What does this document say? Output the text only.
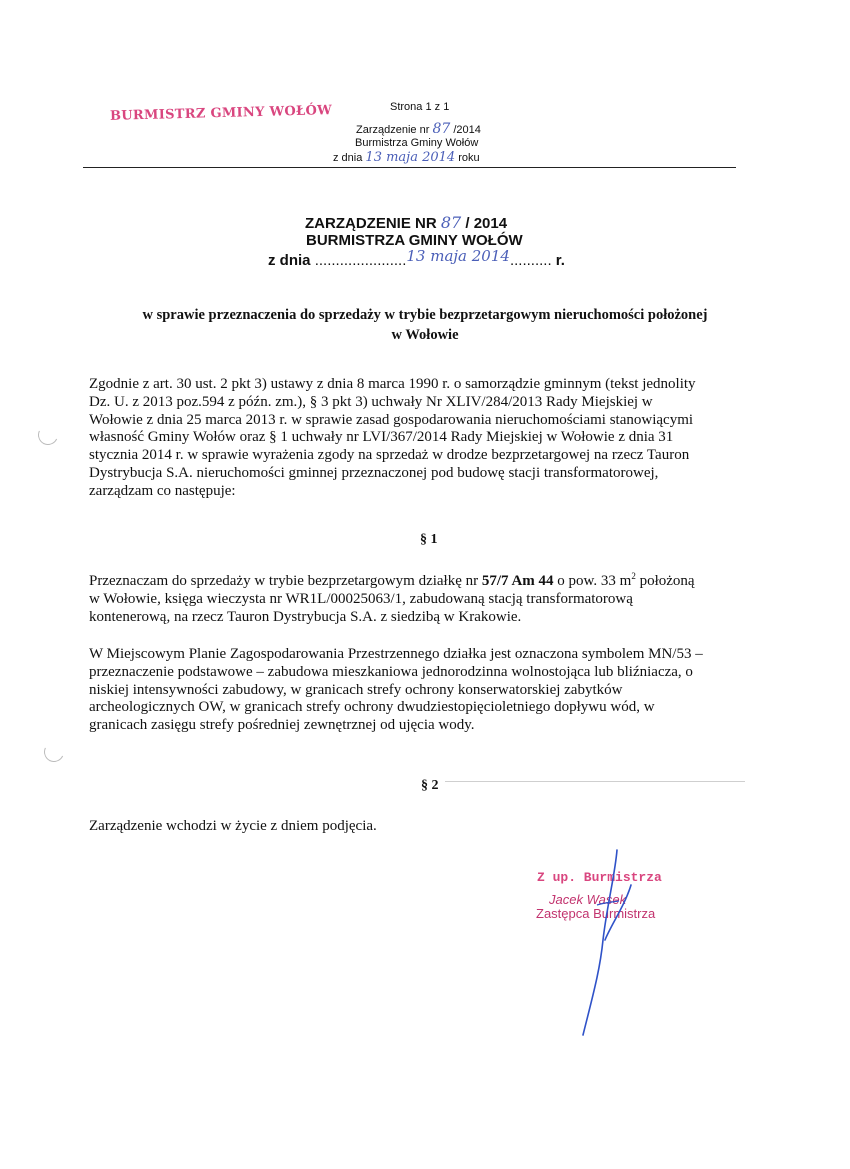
BURMISTRZ GMINY WOŁÓW	Strona 1 z 1
Zarządzenie nr 87 /2014
Burmistrza Gminy Wołów
z dnia 13 maja 2014 roku
ZARZĄDZENIE NR 87 / 2014
BURMISTRZA GMINY WOŁÓW
z dnia ......................13 maja 2014.......... r.
w sprawie przeznaczenia do sprzedaży w trybie bezprzetargowym nieruchomości położonej
w Wołowie
Zgodnie z art. 30 ust. 2 pkt 3) ustawy z dnia 8 marca 1990 r. o samorządzie gminnym (tekst jednolity
Dz. U. z 2013 poz.594 z późn. zm.), § 3 pkt 3) uchwały Nr XLIV/284/2013 Rady Miejskiej w
Wołowie z dnia 25 marca 2013 r. w sprawie zasad gospodarowania nieruchomościami stanowiącymi
własność Gminy Wołów oraz § 1 uchwały nr LVI/367/2014 Rady Miejskiej w Wołowie z dnia 31
stycznia 2014 r. w sprawie wyrażenia zgody na sprzedaż w drodze bezprzetargowej na rzecz Tauron
Dystrybucja S.A. nieruchomości gminnej przeznaczonej pod budowę stacji transformatorowej,
zarządzam co następuje:
§ 1
Przeznaczam do sprzedaży w trybie bezprzetargowym działkę nr 57/7 Am 44 o pow. 33 $m^2$ położoną
w Wołowie, księga wieczysta nr WR1L/00025063/1, zabudowaną stacją transformatorową
kontenerową, na rzecz Tauron Dystrybucja S.A. z siedzibą w Krakowie.
W Miejscowym Planie Zagospodarowania Przestrzennego działka jest oznaczona symbolem MN/53 –
przeznaczenie podstawowe – zabudowa mieszkaniowa jednorodzinna wolnostojąca lub bliźniacza, o
niskiej intensywności zabudowy, w granicach strefy ochrony konserwatorskiej zabytków
archeologicznych OW, w granicach strefy ochrony dwudziestopięcioletniego dopływu wód, w
granicach zasięgu strefy pośredniej zewnętrznej od ujęcia wody.
§ 2
Zarządzenie wchodzi w życie z dniem podjęcia.
Z up. Burmistrza
Jacek Wasek
Zastępca Burmistrza
